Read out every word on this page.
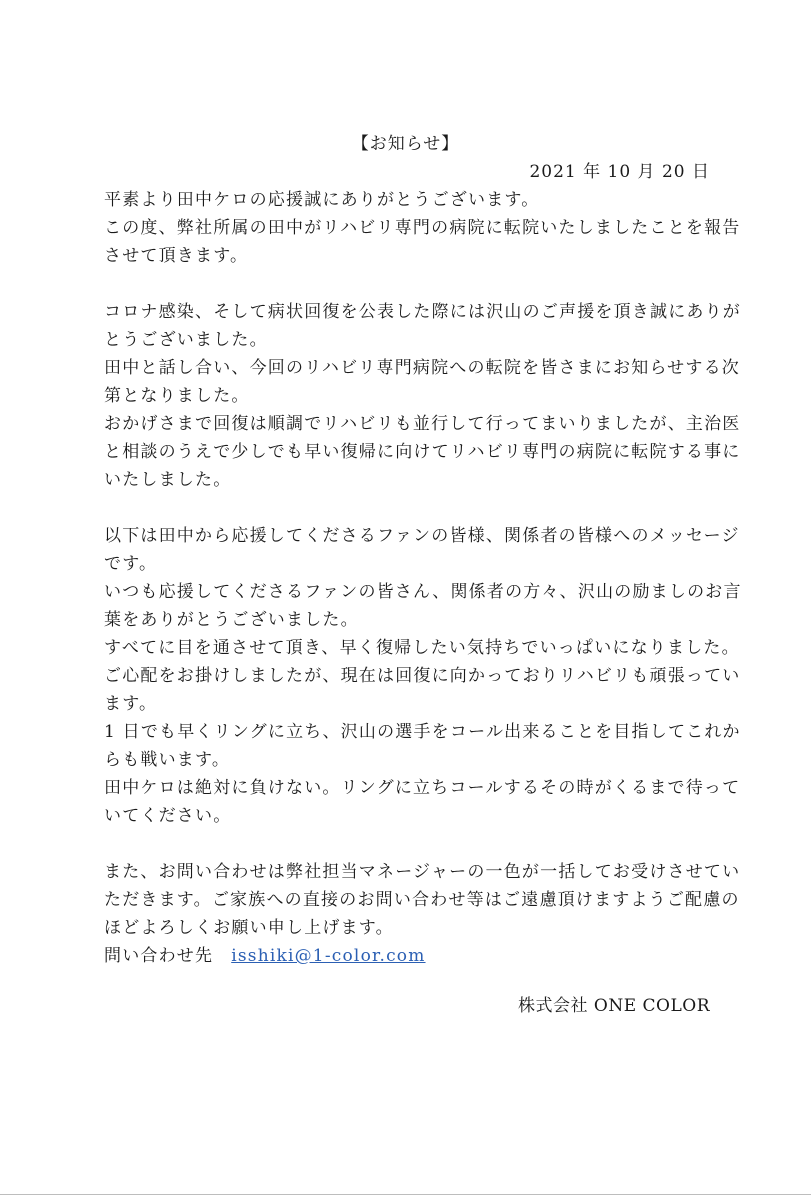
【お知らせ】
2021 年 10 月 20 日
平素より田中ケロの応援誠にありがとうございます。
この度、弊社所属の田中がリハビリ専門の病院に転院いたしましたことを報告
させて頂きます。
コロナ感染、そして病状回復を公表した際には沢山のご声援を頂き誠にありが
とうございました。
田中と話し合い、今回のリハビリ専門病院への転院を皆さまにお知らせする次
第となりました。
おかげさまで回復は順調でリハビリも並行して行ってまいりましたが、主治医
と相談のうえで少しでも早い復帰に向けてリハビリ専門の病院に転院する事に
いたしました。
以下は田中から応援してくださるファンの皆様、関係者の皆様へのメッセージ
です。
いつも応援してくださるファンの皆さん、関係者の方々、沢山の励ましのお言
葉をありがとうございました。
すべてに目を通させて頂き、早く復帰したい気持ちでいっぱいになりました。
ご心配をお掛けしましたが、現在は回復に向かっておりリハビリも頑張ってい
ます。
1 日でも早くリングに立ち、沢山の選手をコール出来ることを目指してこれか
らも戦います。
田中ケロは絶対に負けない。リングに立ちコールするその時がくるまで待って
いてください。
また、お問い合わせは弊社担当マネージャーの一色が一括してお受けさせてい
ただきます。ご家族への直接のお問い合わせ等はご遠慮頂けますようご配慮の
ほどよろしくお願い申し上げます。
問い合わせ先 isshiki@1-color.com
株式会社 ONE COLOR
